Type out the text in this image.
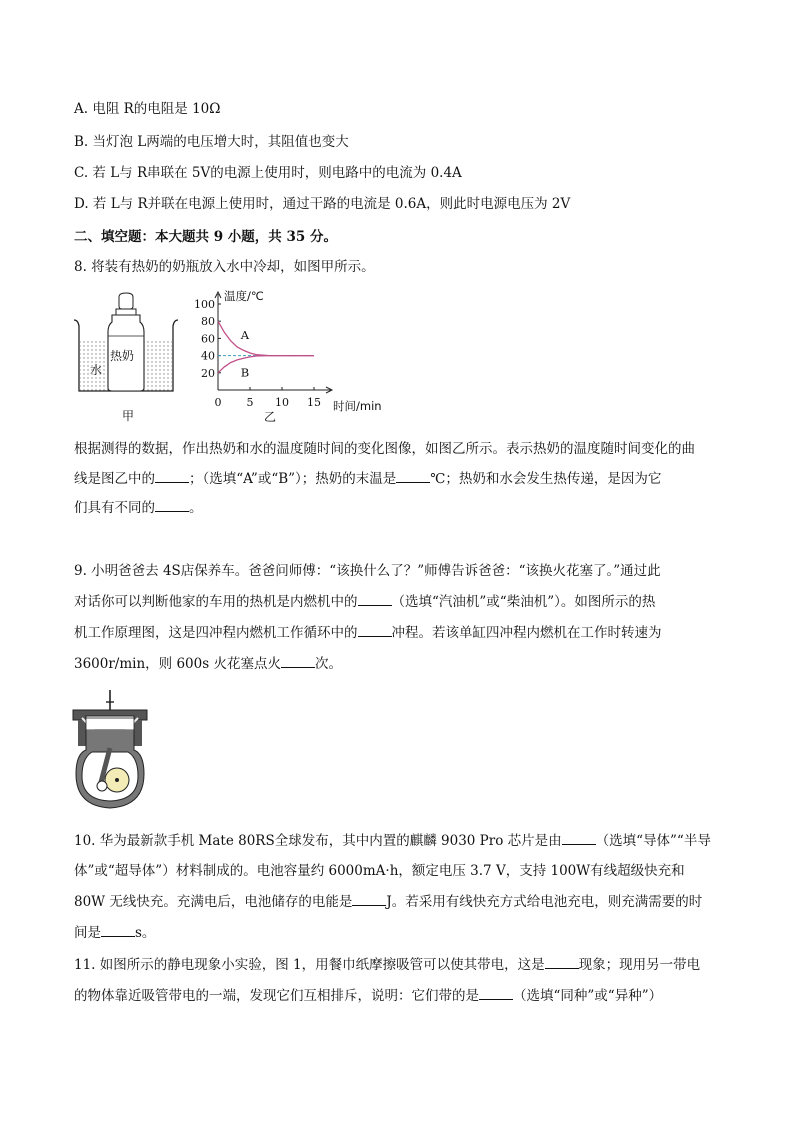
A. 电阻 R的电阻是 10Ω
B. 当灯泡 L两端的电压增大时，其阻值也变大
C. 若 L与 R串联在 5V的电源上使用时，则电路中的电流为 0.4A
D. 若 L与 R并联在电源上使用时，通过干路的电流是 0.6A，则此时电源电压为 2V
二、填空题：本大题共 9 小题，共 35 分。
8. 将装有热奶的奶瓶放入水中冷却，如图甲所示。
水
热奶
甲
温度/℃
时间/min
乙
20
40
60
80
100
0 5 10 15
A
B
根据测得的数据，作出热奶和水的温度随时间的变化图像，如图乙所示。表示热奶的温度随时间变化的曲
线是图乙中的	；（选填“A”或“B”）；热奶的末温是	℃；热奶和水会发生热传递，是因为它
们具有不同的	。
9. 小明爸爸去 4S店保养车。爸爸问师傅：“该换什么了？”师傅告诉爸爸：“该换火花塞了。”通过此
对话你可以判断他家的车用的热机是内燃机中的	（选填“汽油机”或“柴油机”）。如图所示的热
机工作原理图，这是四冲程内燃机工作循环中的	冲程。若该单缸四冲程内燃机在工作时转速为
3600r/min，则 600s 火花塞点火	次。
10. 华为最新款手机 Mate 80RS全球发布，其中内置的麒麟 9030 Pro 芯片是由	（选填“导体”“半导
体”或“超导体”）材料制成的。电池容量约 6000mA·h，额定电压 3.7 V，支持 100W有线超级快充和
80W 无线快充。充满电后，电池储存的电能是	J。若采用有线快充方式给电池充电，则充满需要的时
间是	s。
11. 如图所示的静电现象小实验，图 1，用餐巾纸摩擦吸管可以使其带电，这是	现象；现用另一带电
的物体靠近吸管带电的一端，发现它们互相排斥，说明：它们带的是	（选填“同种”或“异种”）
